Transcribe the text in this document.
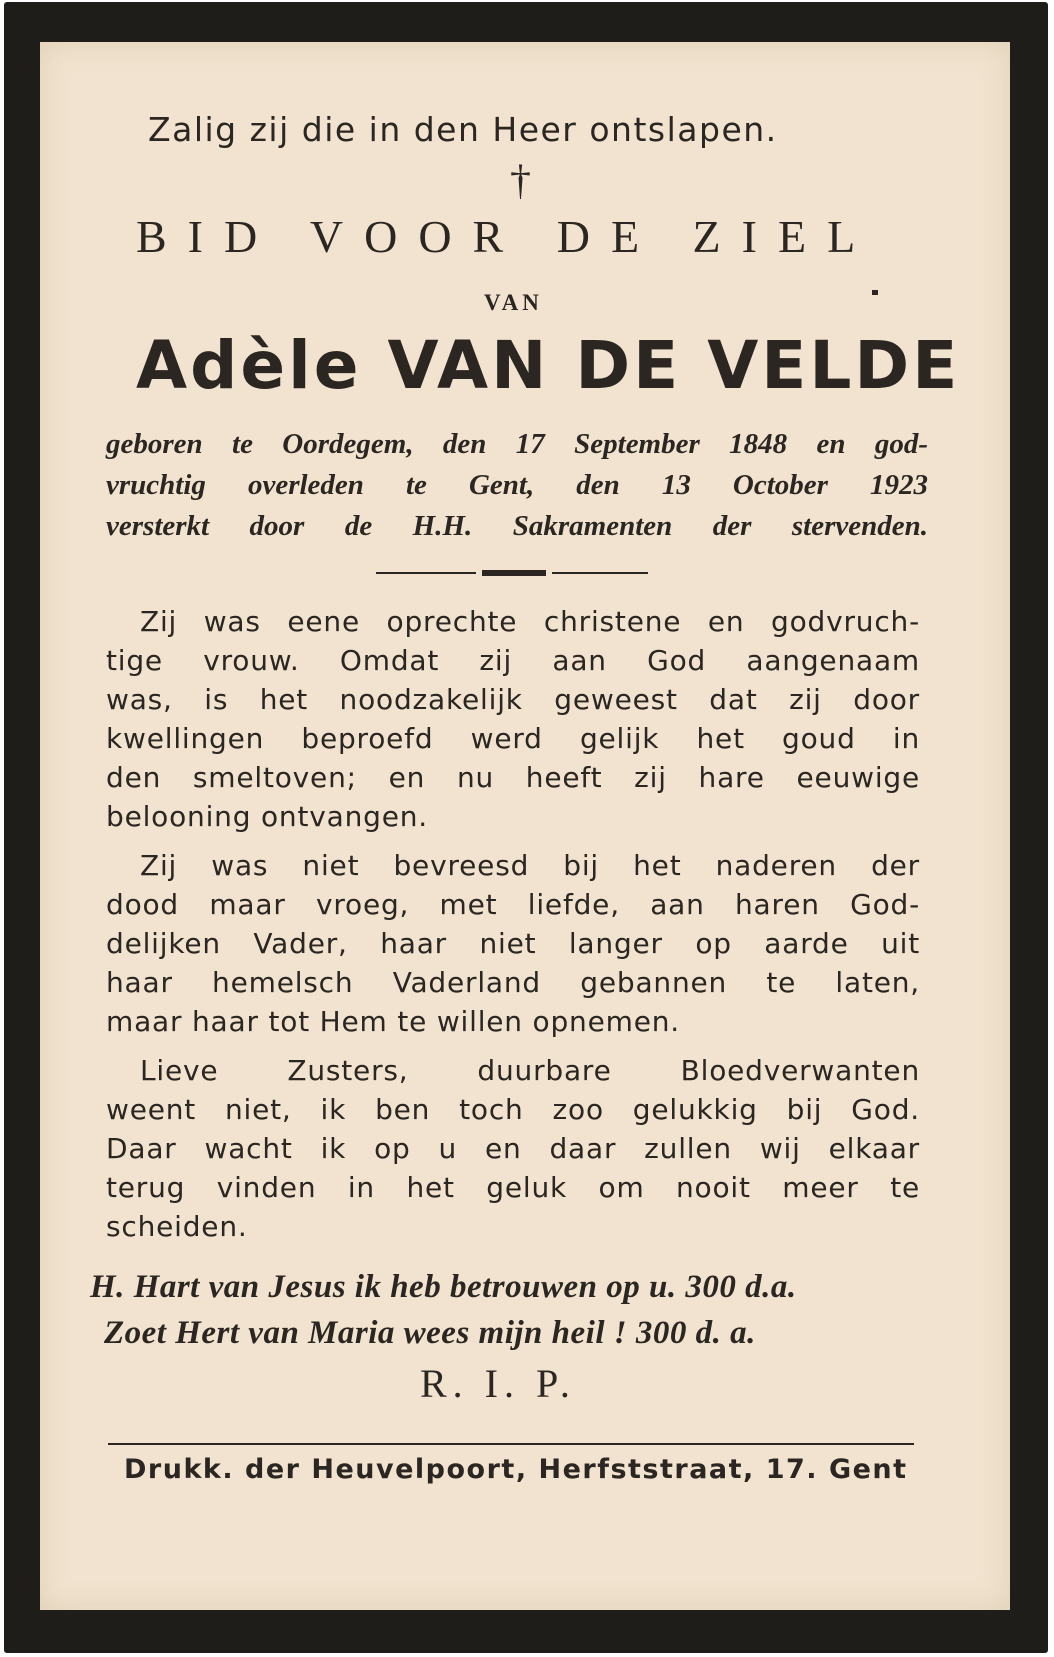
Zalig zij die in den Heer ontslapen.
†
BID VOOR DE ZIEL
VAN
Adèle VAN DE VELDE
geboren te Oordegem, den 17 September 1848 en god-
vruchtig overleden te Gent, den 13 October 1923
versterkt door de H.H. Sakramenten der stervenden.
Zij was eene oprechte christene en godvruch-
tige vrouw. Omdat zij aan God aangenaam
was, is het noodzakelijk geweest dat zij door
kwellingen beproefd werd gelijk het goud in
den smeltoven; en nu heeft zij hare eeuwige
belooning ontvangen.
Zij was niet bevreesd bij het naderen der
dood maar vroeg, met liefde, aan haren God-
delijken Vader, haar niet langer op aarde uit
haar hemelsch Vaderland gebannen te laten,
maar haar tot Hem te willen opnemen.
Lieve Zusters, duurbare Bloedverwanten
weent niet, ik ben toch zoo gelukkig bij God.
Daar wacht ik op u en daar zullen wij elkaar
terug vinden in het geluk om nooit meer te
scheiden.
H. Hart van Jesus ik heb betrouwen op u. 300 d.a.
Zoet Hert van Maria wees mijn heil ! 300 d. a.
R. I. P.
Drukk. der Heuvelpoort, Herfststraat, 17. Gent
